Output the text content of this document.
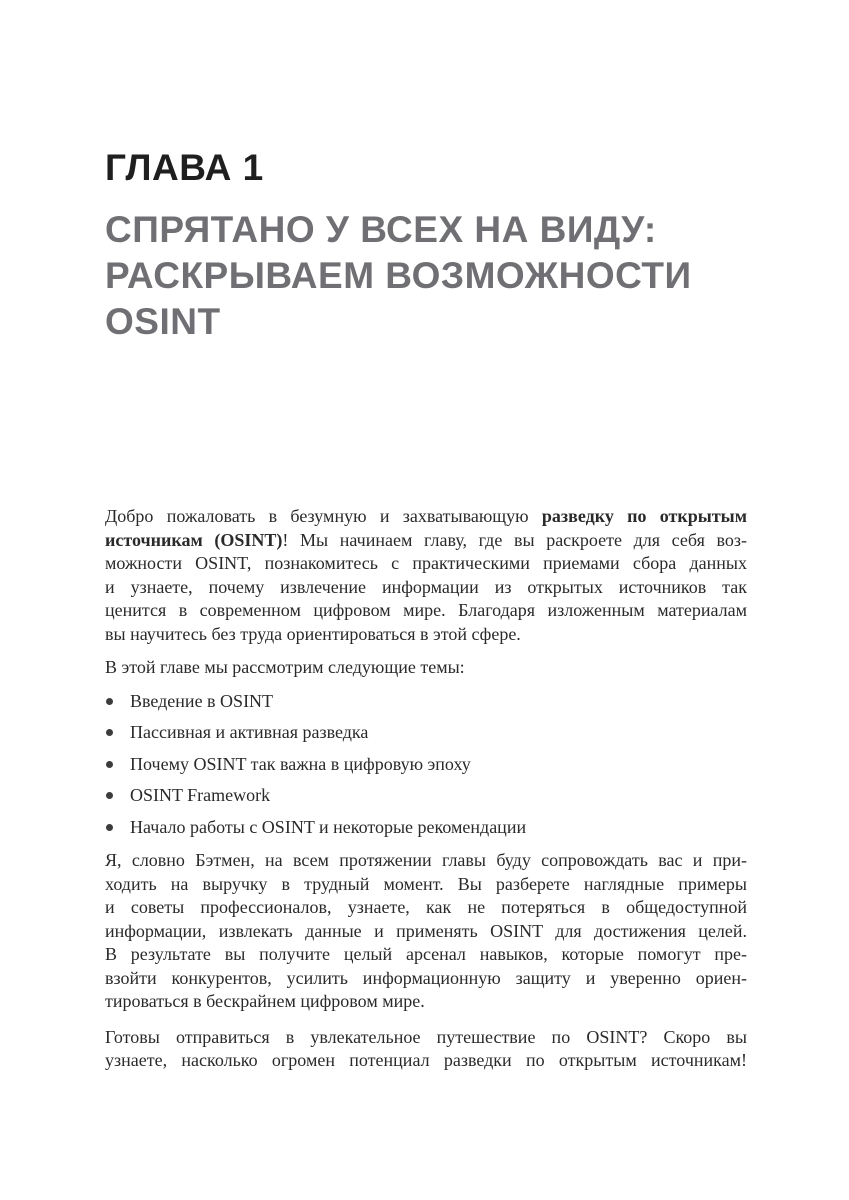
ГЛАВА 1
СПРЯТАНО У ВСЕХ НА ВИДУ:
РАСКРЫВАЕМ ВОЗМОЖНОСТИ
OSINT
Добро пожаловать в безумную и захватывающую разведку по открытым
источникам (OSINT)! Мы начинаем главу, где вы раскроете для себя воз-
можности OSINT, познакомитесь с практическими приемами сбора данных
и узнаете, почему извлечение информации из открытых источников так
ценится в современном цифровом мире. Благодаря изложенным материалам
вы научитесь без труда ориентироваться в этой сфере.
В этой главе мы рассмотрим следующие темы:
Введение в OSINT
Пассивная и активная разведка
Почему OSINT так важна в цифровую эпоху
OSINT Framework
Начало работы с OSINT и некоторые рекомендации
Я, словно Бэтмен, на всем протяжении главы буду сопровождать вас и при-
ходить на выручку в трудный момент. Вы разберете наглядные примеры
и советы профессионалов, узнаете, как не потеряться в общедоступной
информации, извлекать данные и применять OSINT для достижения целей.
В результате вы получите целый арсенал навыков, которые помогут пре-
взойти конкурентов, усилить информационную защиту и уверенно ориен-
тироваться в бескрайнем цифровом мире.
Готовы отправиться в увлекательное путешествие по OSINT? Скоро вы
узнаете, насколько огромен потенциал разведки по открытым источникам!
